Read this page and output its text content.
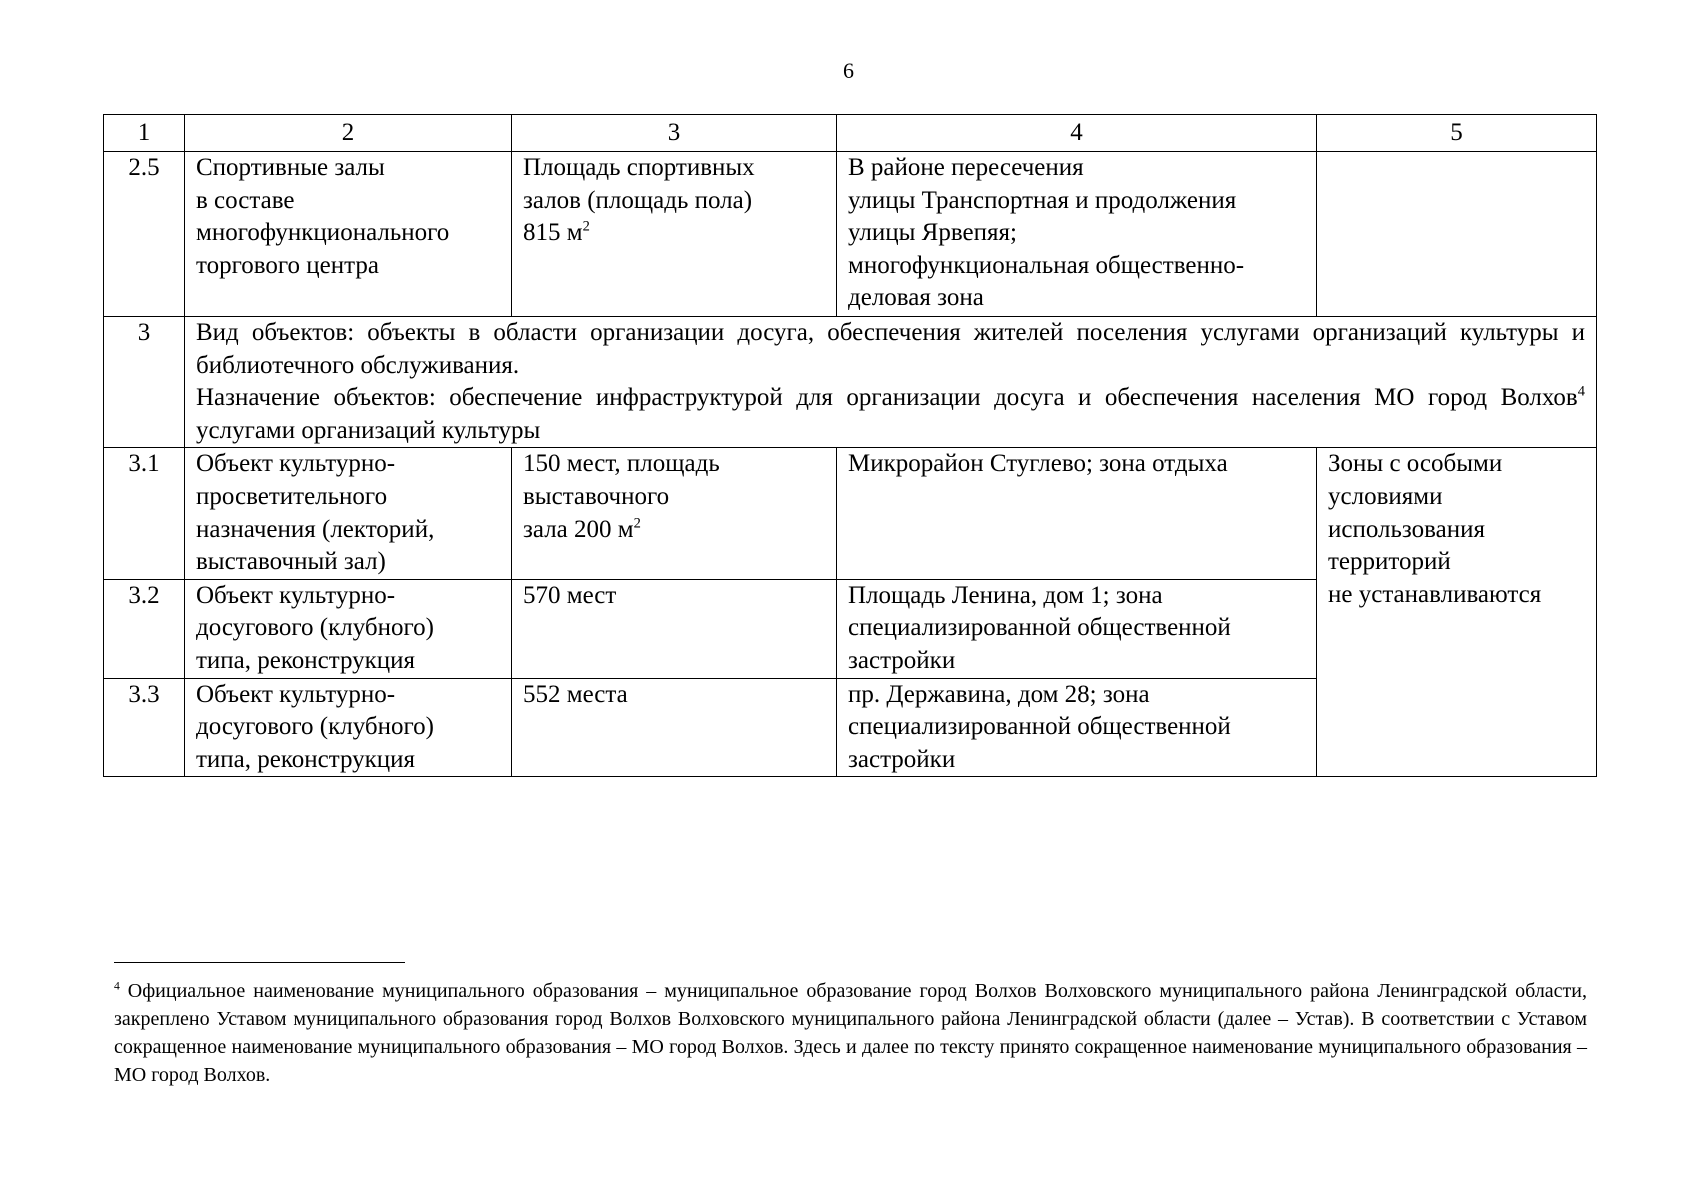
6
1	2	3	4	5
2.5	Спортивные залы
в составе
многофункционального
торгового центра	Площадь спортивных
залов (площадь пола)
815 $м^2$	В районе пересечения
улицы Транспортная и продолжения
улицы Ярвепяя;
многофункциональная общественно-
деловая зона	

3	Вид объектов: объекты в области организации досуга, обеспечения жителей поселения услугами организаций культуры и библиотечного обслуживания.
Назначение объектов: обеспечение инфраструктурой для организации досуга и обеспечения населения МО город Волхов$^4$ услугами организаций культуры			

3.1	Объект культурно-
просветительного
назначения (лекторий,
выставочный зал)	150 мест, площадь
выставочного
зала 200 $м^2$	Микрорайон Стуглево; зона отдыха	Зоны с особыми
условиями
использования
территорий
не устанавливаются

3.2	Объект культурно-
досугового (клубного)
типа, реконструкция	570 мест	Площадь Ленина, дом 1; зона
специализированной общественной
застройки	

3.3	Объект культурно-
досугового (клубного)
типа, реконструкция	552 места	пр. Державина, дом 28; зона
специализированной общественной
застройки	
$^4$ Официальное наименование муниципального образования – муниципальное образование город Волхов Волховского муниципального района Ленинградской области, закреплено Уставом муниципального образования город Волхов Волховского муниципального района Ленинградской области (далее – Устав). В соответствии с Уставом сокращенное наименование муниципального образования – МО город Волхов. Здесь и далее по тексту принято сокращенное наименование муниципального образования – МО город Волхов.
